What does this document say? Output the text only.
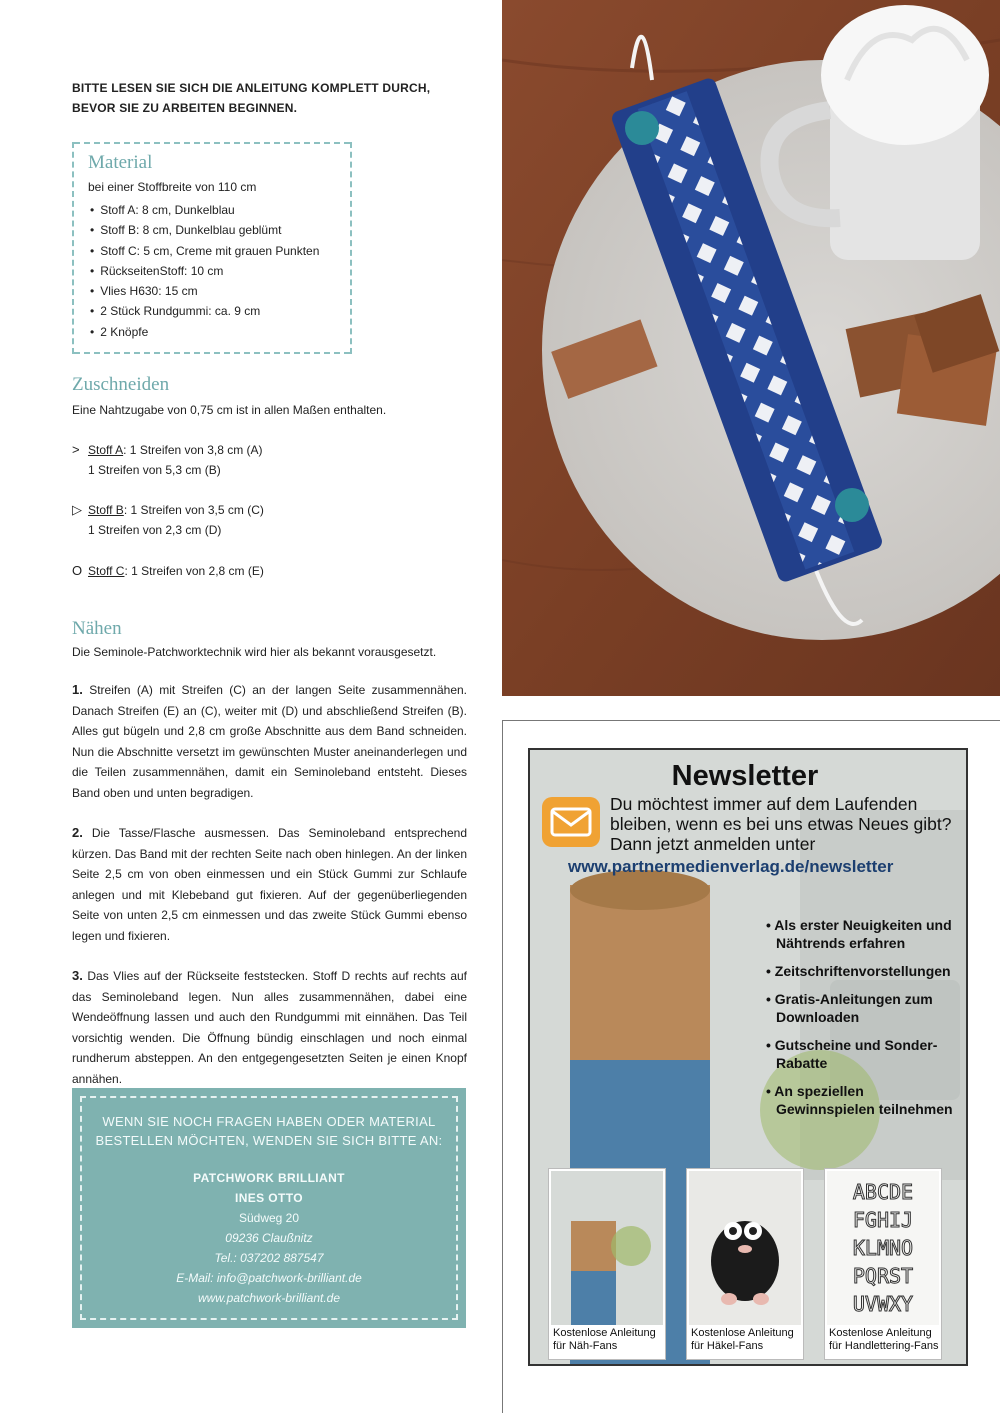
BITTE LESEN SIE SICH DIE ANLEITUNG KOMPLETT DURCH,
BEVOR SIE ZU ARBEITEN BEGINNEN.
Material
bei einer Stoffbreite von 110 cm
• Stoff A: 8 cm, Dunkelblau
• Stoff B: 8 cm, Dunkelblau geblümt
• Stoff C: 5 cm, Creme mit grauen Punkten
• RückseitenStoff: 10 cm
• Vlies H630: 15 cm
• 2 Stück Rundgummi: ca. 9 cm
• 2 Knöpfe
Zuschneiden
Eine Nahtzugabe von 0,75 cm ist in allen Maßen enthalten.
> Stoff A: 1 Streifen von 3,8 cm (A)
1 Streifen von 5,3 cm (B)
▷ Stoff B: 1 Streifen von 3,5 cm (C)
1 Streifen von 2,3 cm (D)
O Stoff C: 1 Streifen von 2,8 cm (E)
Nähen
Die Seminole-Patchworktechnik wird hier als bekannt vorausgesetzt.

1. Streifen (A) mit Streifen (C) an der langen Seite zusammennähen. Danach Streifen (E) an (C), weiter mit (D) und abschließend Streifen (B). Alles gut bügeln und 2,8 cm große Abschnitte aus dem Band schneiden. Nun die Abschnitte versetzt im gewünschten Muster aneinanderlegen und die Teilen zusammennähen, damit ein Seminoleband entsteht. Dieses Band oben und unten begradigen.

2. Die Tasse/Flasche ausmessen. Das Seminoleband entsprechend kürzen. Das Band mit der rechten Seite nach oben hinlegen. An der linken Seite 2,5 cm von oben einmessen und ein Stück Gummi zur Schlaufe anlegen und mit Klebeband gut fixieren. Auf der gegenüberliegenden Seite von unten 2,5 cm einmessen und das zweite Stück Gummi ebenso legen und fixieren.

3. Das Vlies auf der Rückseite feststecken. Stoff D rechts auf rechts auf das Seminoleband legen. Nun alles zusammennähen, dabei eine Wendeöffnung lassen und auch den Rundgummi mit einnähen. Das Teil vorsichtig wenden. Die Öffnung bündig einschlagen und noch einmal rundherum absteppen. An den entgegengesetzten Seiten je einen Knopf annähen.

WENN SIE NOCH FRAGEN HABEN ODER MATERIAL
BESTELLEN MÖCHTEN, WENDEN SIE SICH BITTE AN:
PATCHWORK BRILLIANT
INES OTTO
Südweg 20
09236 Claußnitz
Tel.: 037202 887547
E-Mail: info@patchwork-brilliant.de
www.patchwork-brilliant.de
Newsletter
Du möchtest immer auf dem Laufenden
bleiben, wenn es bei uns etwas Neues gibt?
Dann jetzt anmelden unter
www.partnermedienverlag.de/newsletter
• Als erster Neuigkeiten und Nähtrends erfahren
• Zeitschriftenvorstellungen
• Gratis-Anleitungen zum Downloaden
• Gutscheine und Sonder-Rabatte
• An speziellen Gewinnspielen teilnehmen
Kostenlose Anleitung
für Näh-Fans
Kostenlose Anleitung
für Häkel-Fans
ABCDE
FGHIJ
KLMNO
PQRST
UVWXY
Kostenlose Anleitung
für Handlettering-Fans
